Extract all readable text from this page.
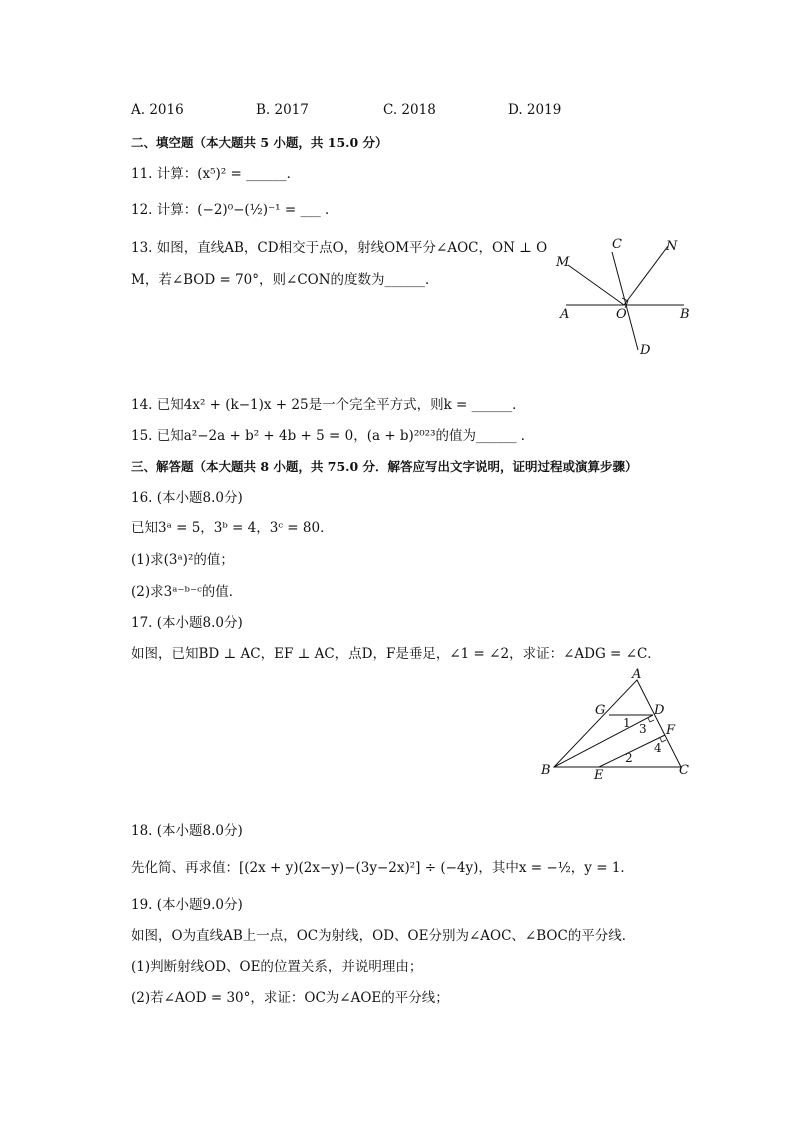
A. 2016	B. 2017	C. 2018	D. 2019
二、填空题（本大题共 5 小题，共 15.0 分）
11. 计算：(x⁵)² = ______．
12. 计算：(−2)⁰−(½)⁻¹ = ___ ．
13. 如图，直线AB，CD相交于点O，射线OM平分∠AOC，ON ⊥ O
M，若∠BOD = 70°，则∠CON的度数为______．
M
C	N
A	O	B
D
14. 已知4x² + (k−1)x + 25是一个完全平方式，则k = ______．
15. 已知a²−2a + b² + 4b + 5 = 0，(a + b)²⁰²³的值为______ ．
三、解答题（本大题共 8 小题，共 75.0 分．解答应写出文字说明，证明过程或演算步骤）
16. (本小题8.0分)
已知3ᵃ = 5，3ᵇ = 4，3ᶜ = 80．
(1)求(3ᵃ)²的值；
(2)求3ᵃ⁻ᵇ⁻ᶜ的值．
17. (本小题8.0分)
如图，已知BD ⊥ AC，EF ⊥ AC，点D，F是垂足，∠1 = ∠2，求证：∠ADG = ∠C．
A
G	D
F
B	E	C
1 3
4
2
18. (本小题8.0分)
先化简、再求值：[(2x + y)(2x−y)−(3y−2x)²] ÷ (−4y)，其中x = −½，y = 1．
19. (本小题9.0分)
如图，O为直线AB上一点，OC为射线，OD、OE分别为∠AOC、∠BOC的平分线．
(1)判断射线OD、OE的位置关系，并说明理由；
(2)若∠AOD = 30°，求证：OC为∠AOE的平分线；
